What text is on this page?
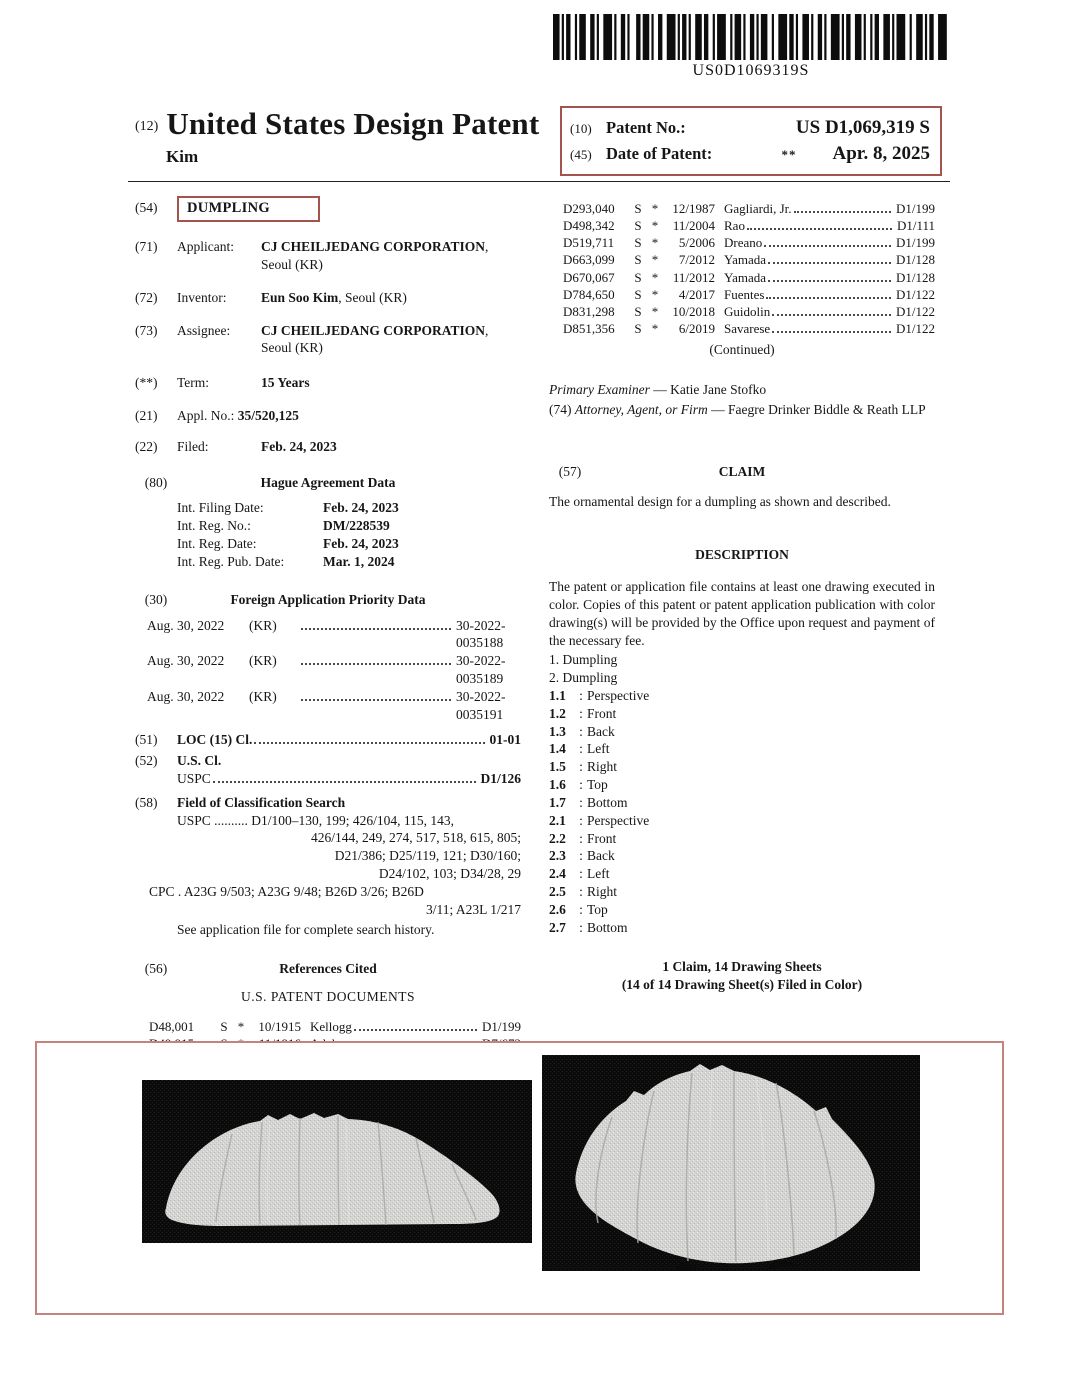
US0D1069319S
(12) United States Design Patent
Kim
(10) Patent No.:	US D1,069,319 S
(45) Date of Patent:	** Apr. 8, 2025
(54)	DUMPLING
(71)	Applicant:	CJ CHEILJEDANG CORPORATION, Seoul (KR)
(72)	Inventor:	Eun Soo Kim, Seoul (KR)
(73)	Assignee:	CJ CHEILJEDANG CORPORATION, Seoul (KR)
(**)	Term:	15 Years
(21)	Appl. No.: 35/520,125
(22)	Filed:	Feb. 24, 2023
(80)	Hague Agreement Data
Int. Filing Date:	Feb. 24, 2023
Int. Reg. No.:	DM/228539
Int. Reg. Date:	Feb. 24, 2023
Int. Reg. Pub. Date:	Mar. 1, 2024
(30)	Foreign Application Priority Data
Aug. 30, 2022	(KR)	30-2022-0035188
Aug. 30, 2022	(KR)	30-2022-0035189
Aug. 30, 2022	(KR)	30-2022-0035191
(51)	LOC (15) Cl.	01-01
(52)	U.S. Cl.
USPC	D1/126
(58)	Field of Classification Search
USPC .......... D1/100–130, 199; 426/104, 115, 143,
426/144, 249, 274, 517, 518, 615, 805;
D21/386; D25/119, 121; D30/160;
D24/102, 103; D34/28, 29
CPC . A23G 9/503; A23G 9/48; B26D 3/26; B26D
3/11; A23L 1/217
See application file for complete search history.
(56)	References Cited
U.S. PATENT DOCUMENTS
D48,001	S *	10/1915 Kellogg	D1/199
D293,040	S *	12/1987 Gagliardi, Jr.	D1/199
D498,342	S *	11/2004 Rao	D1/111
D519,711	S *	5/2006 Dreano	D1/199
D663,099	S *	7/2012 Yamada	D1/128
D670,067	S *	11/2012 Yamada	D1/128
D784,650	S *	4/2017 Fuentes	D1/122
D831,298	S *	10/2018 Guidolin	D1/122
D851,356	S *	6/2019 Savarese	D1/122
(Continued)

Primary Examiner — Katie Jane Stofko

(74) Attorney, Agent, or Firm — Faegre Drinker Biddle & Reath LLP

(57)	CLAIM

The ornamental design for a dumpling as shown and described.

DESCRIPTION

The patent or application file contains at least one drawing executed in color. Copies of this patent or patent application publication with color drawing(s) will be provided by the Office upon request and payment of the necessary fee.

1. Dumpling
2. Dumpling
1.1 : Perspective
1.2 : Front
1.3 : Back
1.4 : Left
1.5 : Right
1.6 : Top
1.7 : Bottom
2.1 : Perspective
2.2 : Front
2.3 : Back
2.4 : Left
2.5 : Right
2.6 : Top
2.7 : Bottom
1 Claim, 14 Drawing Sheets
(14 of 14 Drawing Sheet(s) Filed in Color)
